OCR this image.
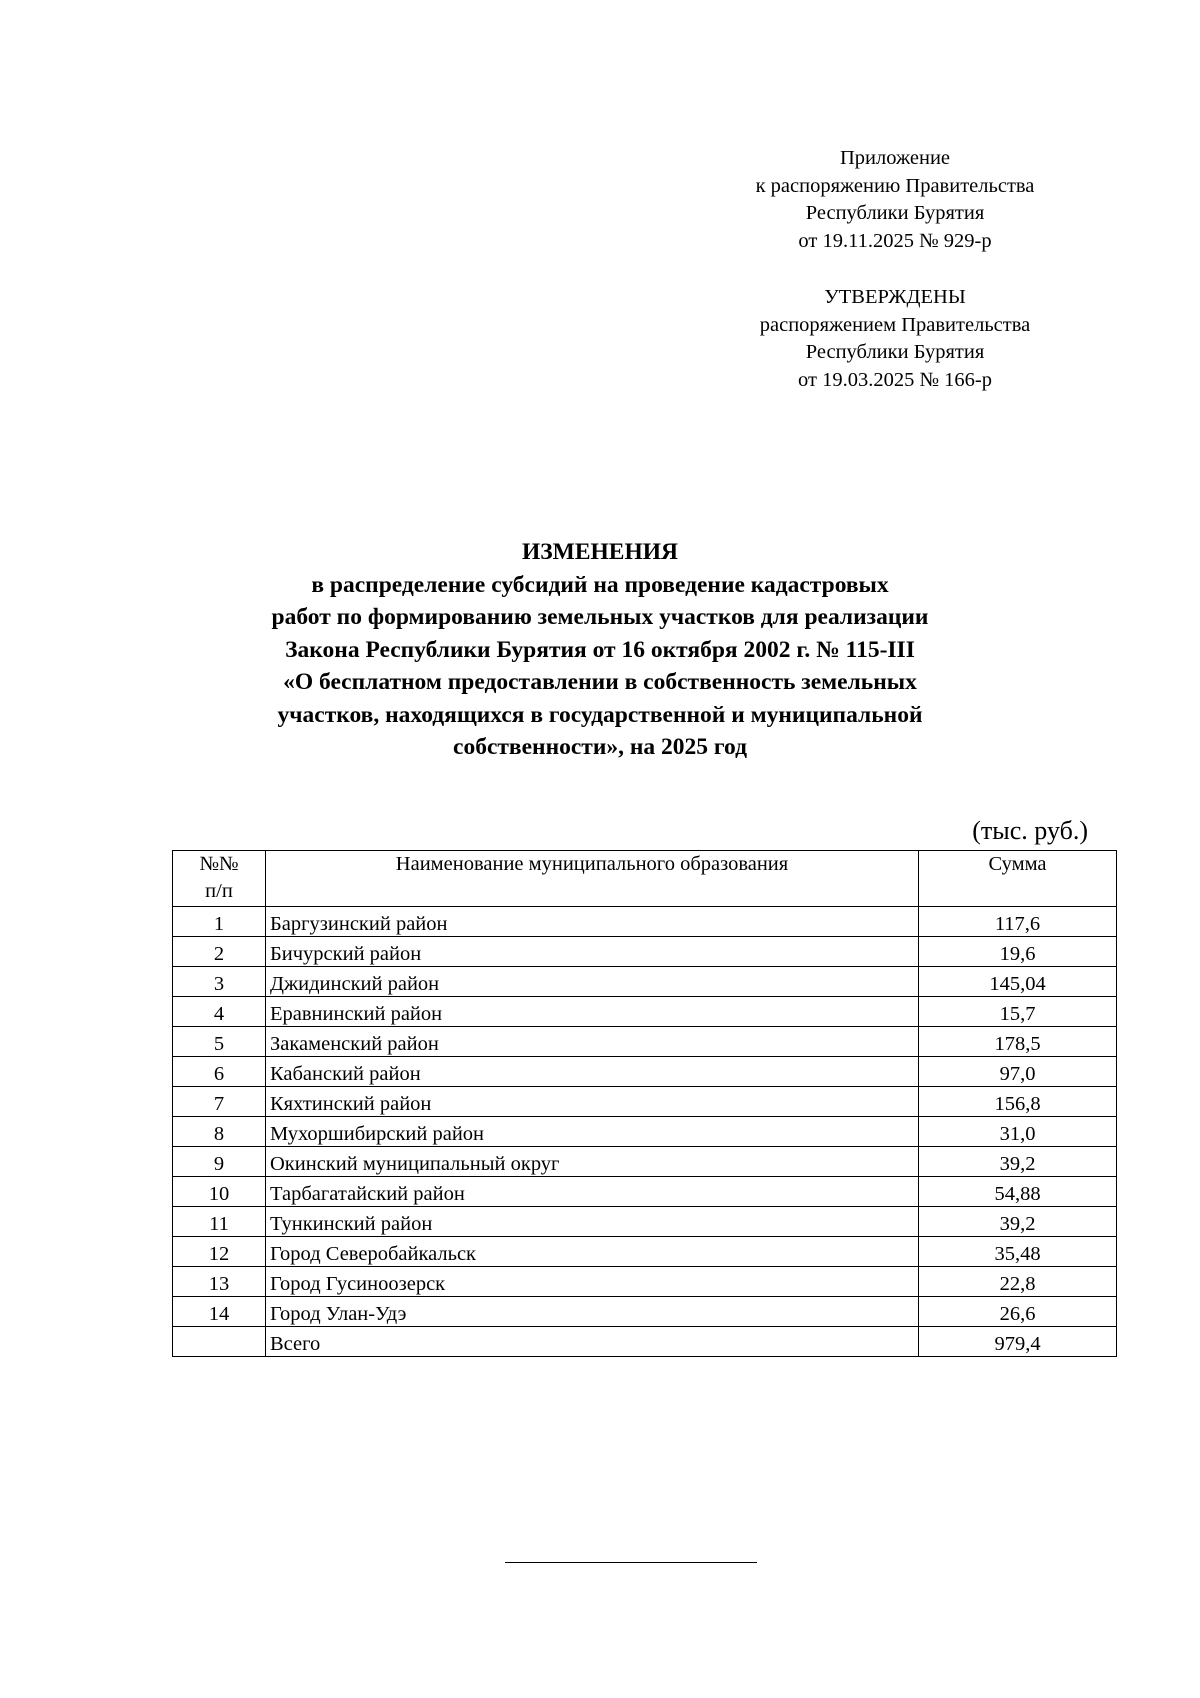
Приложение
к распоряжению Правительства
Республики Бурятия
от 19.11.2025 № 929-р
УТВЕРЖДЕНЫ
распоряжением Правительства
Республики Бурятия
от 19.03.2025 № 166-р
ИЗМЕНЕНИЯ
в распределение субсидий на проведение кадастровых
работ по формированию земельных участков для реализации
Закона Республики Бурятия от 16 октября 2002 г. № 115-III
«О бесплатном предоставлении в собственность земельных
участков, находящихся в государственной и муниципальной
собственности», на 2025 год
(тыс. руб.)
№№
п/п	Наименование муниципального образования	Сумма
1	Баргузинский район	117,6
2	Бичурский район	19,6
3	Джидинский район	145,04
4	Еравнинский район	15,7
5	Закаменский район	178,5
6	Кабанский район	97,0
7	Кяхтинский район	156,8
8	Мухоршибирский район	31,0
9	Окинский муниципальный округ	39,2
10	Тарбагатайский район	54,88
11	Тункинский район	39,2
12	Город Северобайкальск	35,48
13	Город Гусиноозерск	22,8
14	Город Улан-Удэ	26,6
	Всего	979,4
